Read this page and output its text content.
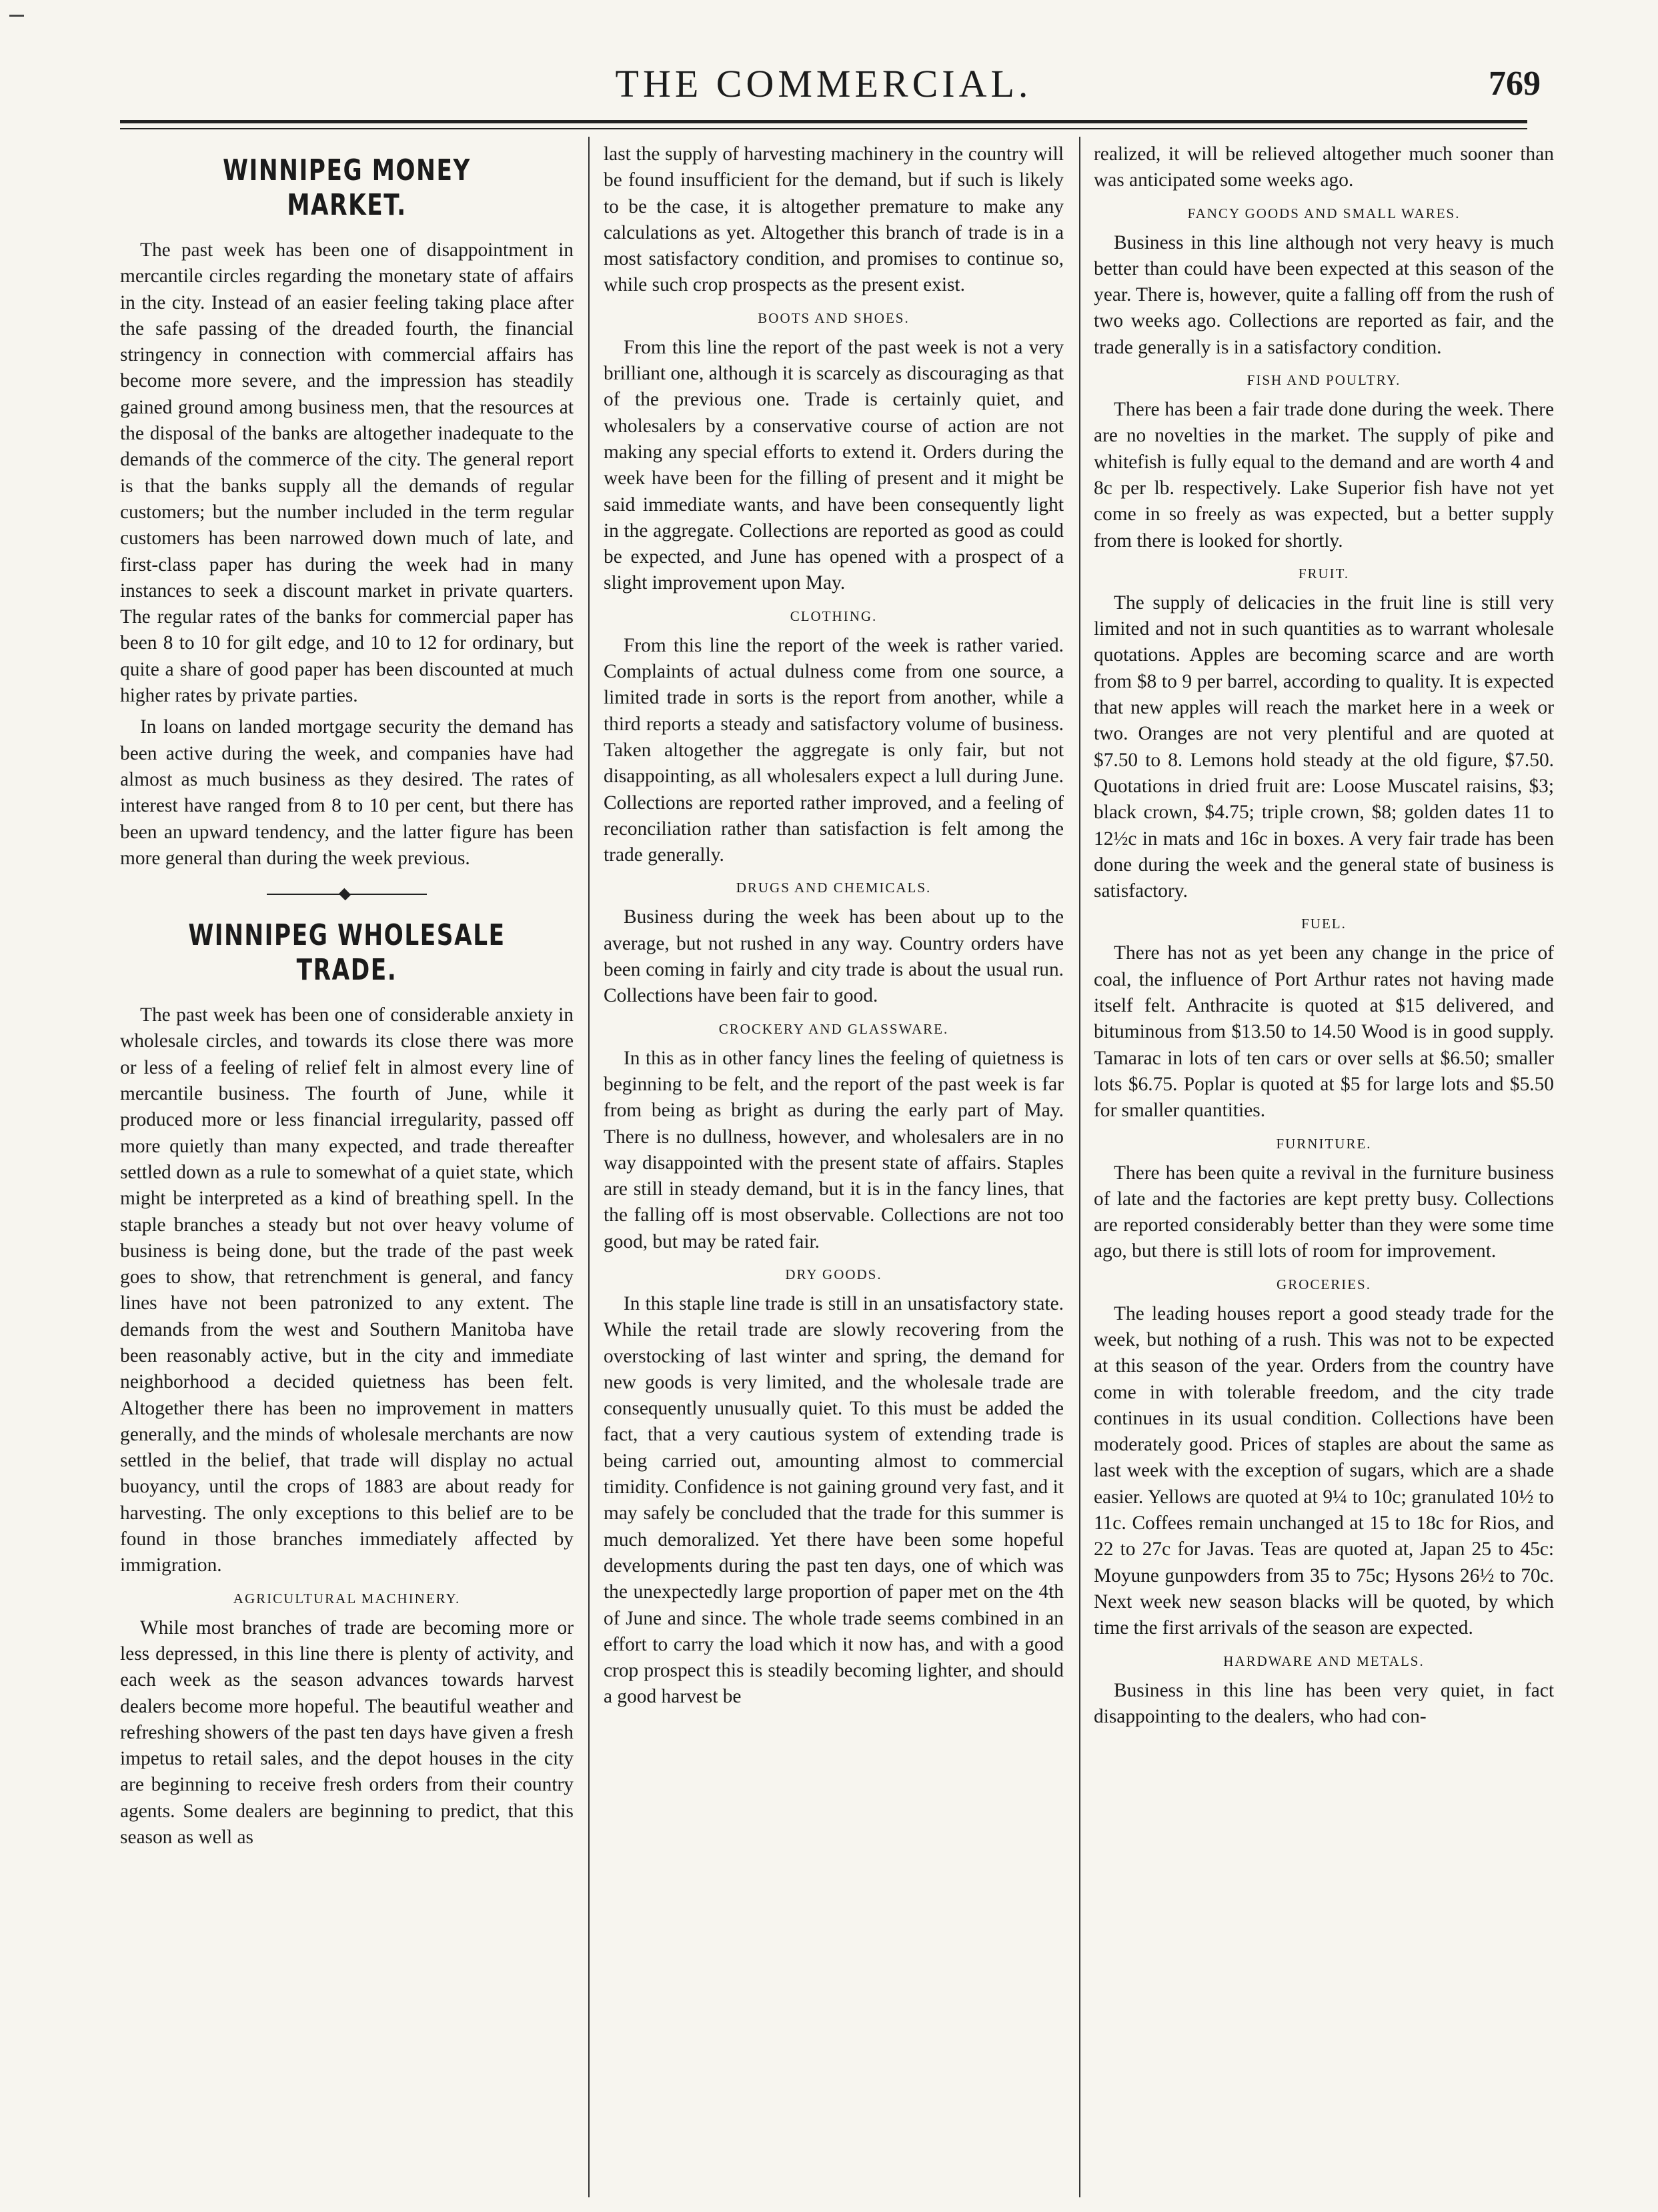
THE COMMERCIAL.	769
WINNIPEG MONEY MARKET.

The past week has been one of disappointment in mercantile circles regarding the monetary state of affairs in the city. Instead of an easier feeling taking place after the safe passing of the dreaded fourth, the financial stringency in connection with commercial affairs has become more severe, and the impression has steadily gained ground among business men, that the resources at the disposal of the banks are altogether inadequate to the demands of the commerce of the city. The general report is that the banks supply all the demands of regular customers; but the number included in the term regular customers has been narrowed down much of late, and first-class paper has during the week had in many instances to seek a discount market in private quarters. The regular rates of the banks for commercial paper has been 8 to 10 for gilt edge, and 10 to 12 for ordinary, but quite a share of good paper has been discounted at much higher rates by private parties.

In loans on landed mortgage security the demand has been active during the week, and companies have had almost as much business as they desired. The rates of interest have ranged from 8 to 10 per cent, but there has been an upward tendency, and the latter figure has been more general than during the week previous.

WINNIPEG WHOLESALE TRADE.

The past week has been one of considerable anxiety in wholesale circles, and towards its close there was more or less of a feeling of relief felt in almost every line of mercantile business. The fourth of June, while it produced more or less financial irregularity, passed off more quietly than many expected, and trade thereafter settled down as a rule to somewhat of a quiet state, which might be interpreted as a kind of breathing spell. In the staple branches a steady but not over heavy volume of business is being done, but the trade of the past week goes to show, that retrenchment is general, and fancy lines have not been patronized to any extent. The demands from the west and Southern Manitoba have been reasonably active, but in the city and immediate neighborhood a decided quietness has been felt. Altogether there has been no improvement in matters generally, and the minds of wholesale merchants are now settled in the belief, that trade will display no actual buoyancy, until the crops of 1883 are about ready for harvesting. The only exceptions to this belief are to be found in those branches immediately affected by immigration.

AGRICULTURAL MACHINERY.

While most branches of trade are becoming more or less depressed, in this line there is plenty of activity, and each week as the season advances towards harvest dealers become more hopeful. The beautiful weather and refreshing showers of the past ten days have given a fresh impetus to retail sales, and the depot houses in the city are beginning to receive fresh orders from their country agents. Some dealers are beginning to predict, that this season as well as

last the supply of harvesting machinery in the country will be found insufficient for the demand, but if such is likely to be the case, it is altogether premature to make any calculations as yet. Altogether this branch of trade is in a most satisfactory condition, and promises to continue so, while such crop prospects as the present exist.

BOOTS AND SHOES.

From this line the report of the past week is not a very brilliant one, although it is scarcely as discouraging as that of the previous one. Trade is certainly quiet, and wholesalers by a conservative course of action are not making any special efforts to extend it. Orders during the week have been for the filling of present and it might be said immediate wants, and have been consequently light in the aggregate. Collections are reported as good as could be expected, and June has opened with a prospect of a slight improvement upon May.

CLOTHING.

From this line the report of the week is rather varied. Complaints of actual dulness come from one source, a limited trade in sorts is the report from another, while a third reports a steady and satisfactory volume of business. Taken altogether the aggregate is only fair, but not disappointing, as all wholesalers expect a lull during June. Collections are reported rather improved, and a feeling of reconciliation rather than satisfaction is felt among the trade generally.

DRUGS AND CHEMICALS.

Business during the week has been about up to the average, but not rushed in any way. Country orders have been coming in fairly and city trade is about the usual run. Collections have been fair to good.

CROCKERY AND GLASSWARE.

In this as in other fancy lines the feeling of quietness is beginning to be felt, and the report of the past week is far from being as bright as during the early part of May. There is no dullness, however, and wholesalers are in no way disappointed with the present state of affairs. Staples are still in steady demand, but it is in the fancy lines, that the falling off is most observable. Collections are not too good, but may be rated fair.

DRY GOODS.

In this staple line trade is still in an unsatisfactory state. While the retail trade are slowly recovering from the overstocking of last winter and spring, the demand for new goods is very limited, and the wholesale trade are consequently unusually quiet. To this must be added the fact, that a very cautious system of extending trade is being carried out, amounting almost to commercial timidity. Confidence is not gaining ground very fast, and it may safely be concluded that the trade for this summer is much demoralized. Yet there have been some hopeful developments during the past ten days, one of which was the unexpectedly large proportion of paper met on the 4th of June and since. The whole trade seems combined in an effort to carry the load which it now has, and with a good crop prospect this is steadily becoming lighter, and should a good harvest be

realized, it will be relieved altogether much sooner than was anticipated some weeks ago.

FANCY GOODS AND SMALL WARES.

Business in this line although not very heavy is much better than could have been expected at this season of the year. There is, however, quite a falling off from the rush of two weeks ago. Collections are reported as fair, and the trade generally is in a satisfactory condition.

FISH AND POULTRY.

There has been a fair trade done during the week. There are no novelties in the market. The supply of pike and whitefish is fully equal to the demand and are worth 4 and 8c per lb. respectively. Lake Superior fish have not yet come in so freely as was expected, but a better supply from there is looked for shortly.

FRUIT.

The supply of delicacies in the fruit line is still very limited and not in such quantities as to warrant wholesale quotations. Apples are becoming scarce and are worth from $8 to 9 per barrel, according to quality. It is expected that new apples will reach the market here in a week or two. Oranges are not very plentiful and are quoted at $7.50 to 8. Lemons hold steady at the old figure, $7.50. Quotations in dried fruit are: Loose Muscatel raisins, $3; black crown, $4.75; triple crown, $8; golden dates 11 to 12½c in mats and 16c in boxes. A very fair trade has been done during the week and the general state of business is satisfactory.

FUEL.

There has not as yet been any change in the price of coal, the influence of Port Arthur rates not having made itself felt. Anthracite is quoted at $15 delivered, and bituminous from $13.50 to 14.50 Wood is in good supply. Tamarac in lots of ten cars or over sells at $6.50; smaller lots $6.75. Poplar is quoted at $5 for large lots and $5.50 for smaller quantities.

FURNITURE.

There has been quite a revival in the furniture business of late and the factories are kept pretty busy. Collections are reported considerably better than they were some time ago, but there is still lots of room for improvement.

GROCERIES.

The leading houses report a good steady trade for the week, but nothing of a rush. This was not to be expected at this season of the year. Orders from the country have come in with tolerable freedom, and the city trade continues in its usual condition. Collections have been moderately good. Prices of staples are about the same as last week with the exception of sugars, which are a shade easier. Yellows are quoted at 9¼ to 10c; granulated 10½ to 11c. Coffees remain unchanged at 15 to 18c for Rios, and 22 to 27c for Javas. Teas are quoted at, Japan 25 to 45c: Moyune gunpowders from 35 to 75c; Hysons 26½ to 70c. Next week new season blacks will be quoted, by which time the first arrivals of the season are expected.

HARDWARE AND METALS.

Business in this line has been very quiet, in fact disappointing to the dealers, who had con-
